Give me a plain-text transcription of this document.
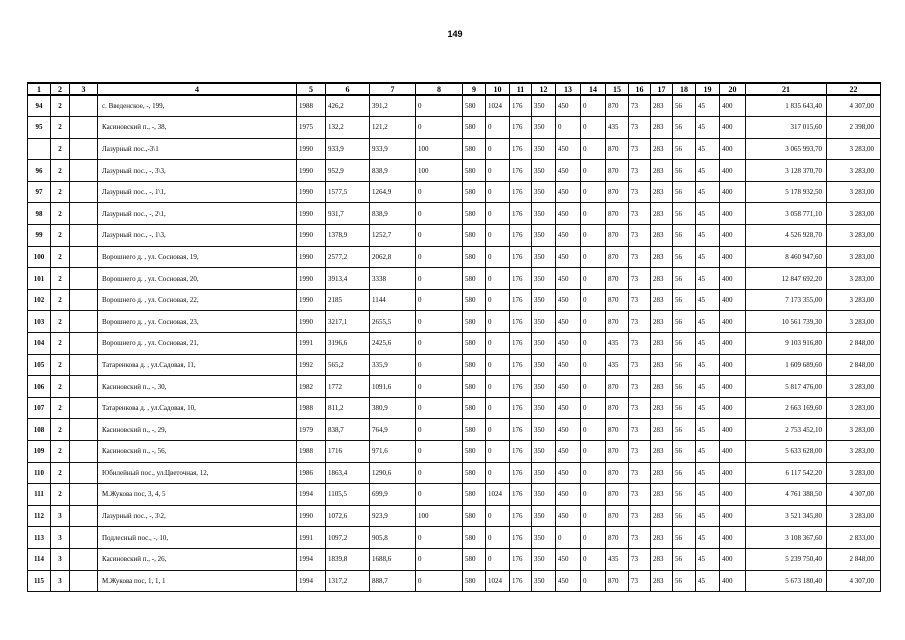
149
1	2	3	4	5	6	7	8	9	10	11	12	13	14	15	16	17	18	19	20	21	22
94	2		с. Введенское, -, 199,	1988	426,2	391,2	0	580	1024	176	350	450	0	870	73	283	56	45	400	1 835 643,40	4 307,00
95	2		Касиновский п., -, 38,	1975	132,2	121,2	0	580	0	176	350	0	0	435	73	283	56	45	400	317 015,60	2 398,00
	2		Лазурный пос.,-3\1	1990	933,9	933,9	100	580	0	176	350	450	0	870	73	283	56	45	400	3 065 993,70	3 283,00
96	2		Лазурный пос., -, 3\3,	1990	952,9	838,9	100	580	0	176	350	450	0	870	73	283	56	45	400	3 128 370,70	3 283,00
97	2		Лазурный пос., -, 1\1,	1990	1577,5	1264,9	0	580	0	176	350	450	0	870	73	283	56	45	400	5 178 932,50	3 283,00
98	2		Лазурный пос., -, 2\1,	1990	931,7	838,9	0	580	0	176	350	450	0	870	73	283	56	45	400	3 058 771,10	3 283,00
99	2		Лазурный пос., -, 1\3,	1990	1378,9	1252,7	0	580	0	176	350	450	0	870	73	283	56	45	400	4 526 928,70	3 283,00
100	2		Ворошнего д. , ул. Сосновая, 19,	1990	2577,2	2062,8	0	580	0	176	350	450	0	870	73	283	56	45	400	8 460 947,60	3 283,00
101	2		Ворошнего д. , ул. Сосновая, 20,	1990	3913,4	3338	0	580	0	176	350	450	0	870	73	283	56	45	400	12 847 692,20	3 283,00
102	2		Ворошнего д. , ул. Сосновая, 22,	1990	2185	1144	0	580	0	176	350	450	0	870	73	283	56	45	400	7 173 355,00	3 283,00
103	2		Ворошнего д. , ул. Сосновая, 23,	1990	3217,1	2655,5	0	580	0	176	350	450	0	870	73	283	56	45	400	10 561 739,30	3 283,00
104	2		Ворошнего д. , ул. Сосновая, 21,	1991	3196,6	2425,6	0	580	0	176	350	450	0	435	73	283	56	45	400	9 103 916,80	2 848,00
105	2		Татаренкова д. , ул.Садовая, 11,	1992	565,2	335,9	0	580	0	176	350	450	0	435	73	283	56	45	400	1 609 689,60	2 848,00
106	2		Касиновский п., -, 30,	1982	1772	1091,6	0	580	0	176	350	450	0	870	73	283	56	45	400	5 817 476,00	3 283,00
107	2		Татаренкова д. , ул.Садовая, 10,	1988	811,2	380,9	0	580	0	176	350	450	0	870	73	283	56	45	400	2 663 169,60	3 283,00
108	2		Касиновский п., -, 29,	1979	838,7	764,9	0	580	0	176	350	450	0	870	73	283	56	45	400	2 753 452,10	3 283,00
109	2		Касиновский п., -, 56,	1988	1716	971,6	0	580	0	176	350	450	0	870	73	283	56	45	400	5 633 628,00	3 283,00
110	2		Юбилейный пос., ул.Цветочная, 12,	1986	1863,4	1290,6	0	580	0	176	350	450	0	870	73	283	56	45	400	6 117 542,20	3 283,00
111	2		М.Жукова пос, 3, 4, 5	1994	1105,5	699,9	0	580	1024	176	350	450	0	870	73	283	56	45	400	4 761 388,50	4 307,00
112	3		Лазурный пос., -, 3\2,	1990	1072,6	923,9	100	580	0	176	350	450	0	870	73	283	56	45	400	3 521 345,80	3 283,00
113	3		Подлесный пос., -, 10,	1991	1097,2	905,8	0	580	0	176	350	0	0	870	73	283	56	45	400	3 108 367,60	2 833,00
114	3		Касиновский п., -, 26,	1994	1839,8	1688,6	0	580	0	176	350	450	0	435	73	283	56	45	400	5 239 750,40	2 848,00
115	3		М.Жукова пос, 1, 1, 1	1994	1317,2	888,7	0	580	1024	176	350	450	0	870	73	283	56	45	400	5 673 180,40	4 307,00
